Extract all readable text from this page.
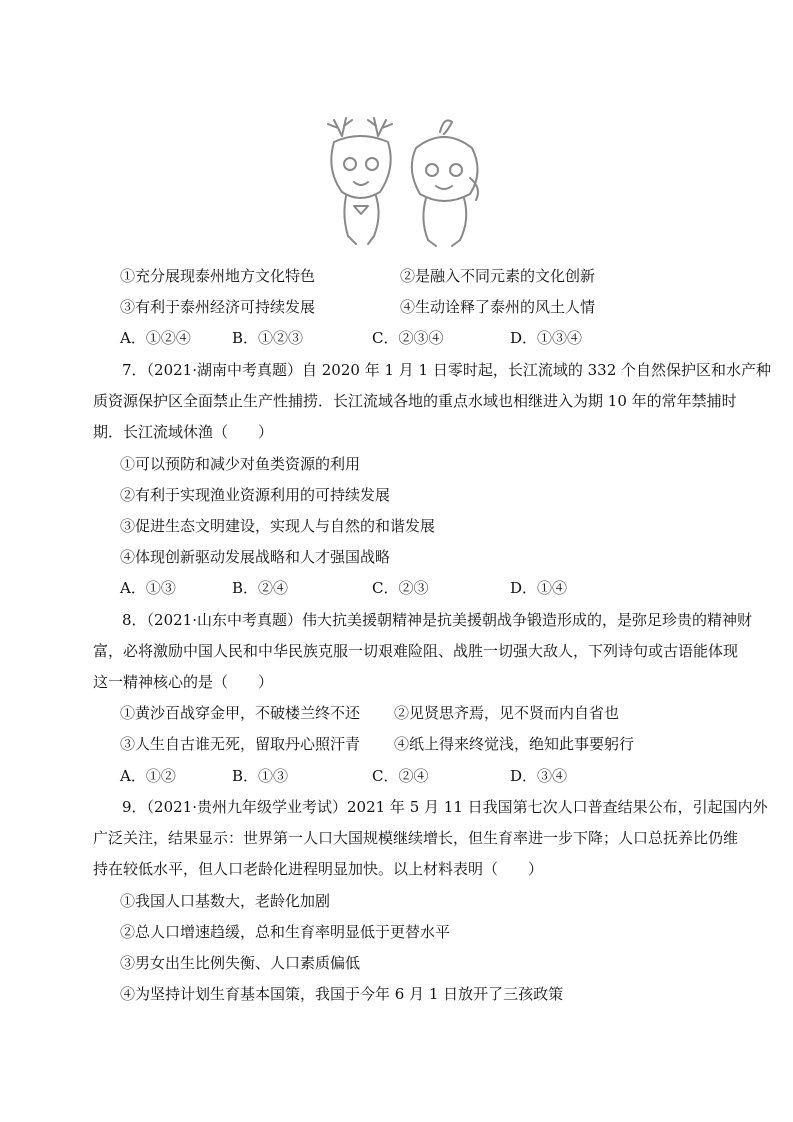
①充分展现泰州地方文化特色	②是融入不同元素的文化创新
③有利于泰州经济可持续发展	④生动诠释了泰州的风土人情
A．①②④	B．①②③	C．②③④	D．①③④
7．（2021·湖南中考真题）自 2020 年 1 月 1 日零时起，长江流域的 332 个自然保护区和水产种
质资源保护区全面禁止生产性捕捞．长江流域各地的重点水域也相继进入为期 10 年的常年禁捕时
期．长江流域休渔（　　）
①可以预防和减少对鱼类资源的利用
②有利于实现渔业资源利用的可持续发展
③促进生态文明建设，实现人与自然的和谐发展
④体现创新驱动发展战略和人才强国战略
A．①③	B．②④	C．②③	D．①④
8．（2021·山东中考真题）伟大抗美援朝精神是抗美援朝战争锻造形成的，是弥足珍贵的精神财
富，必将激励中国人民和中华民族克服一切艰难险阻、战胜一切强大敌人，下列诗句或古语能体现
这一精神核心的是（　　）
①黄沙百战穿金甲，不破楼兰终不还 ②见贤思齐焉，见不贤而内自省也
③人生自古谁无死，留取丹心照汗青 ④纸上得来终觉浅，绝知此事要躬行
A．①②	B．①③	C．②④	D．③④
9．（2021·贵州九年级学业考试）2021 年 5 月 11 日我国第七次人口普查结果公布，引起国内外
广泛关注，结果显示：世界第一人口大国规模继续增长，但生育率进一步下降；人口总抚养比仍维
持在较低水平，但人口老龄化进程明显加快。以上材料表明（　　）
①我国人口基数大，老龄化加剧
②总人口增速趋缓，总和生育率明显低于更替水平
③男女出生比例失衡、人口素质偏低
④为坚持计划生育基本国策，我国于今年 6 月 1 日放开了三孩政策
